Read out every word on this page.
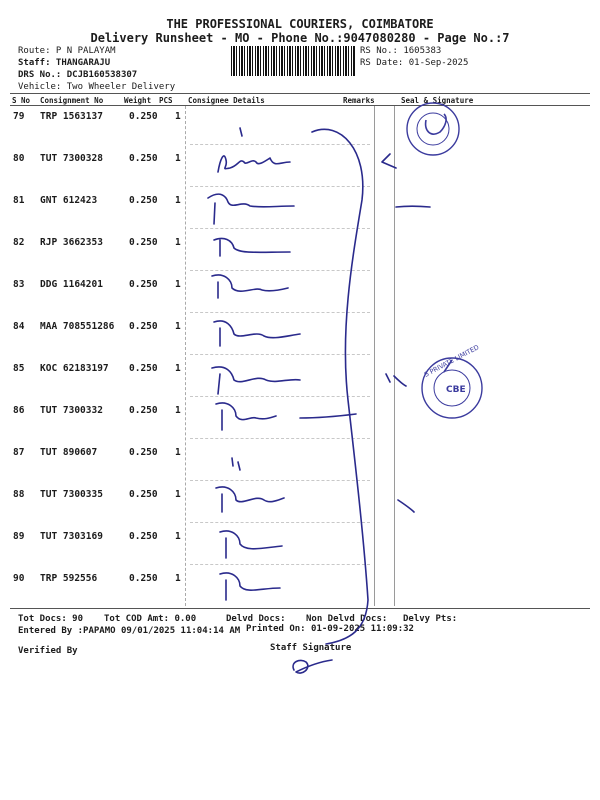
THE PROFESSIONAL COURIERS, COIMBATORE
Delivery Runsheet - MO - Phone No.:9047080280 - Page No.:7
Route: P N PALAYAM
Staff: THANGARAJU
DRS No.: DCJB160538307
Vehicle: Two Wheeler Delivery
RS No.: 1605383
RS Date: 01-Sep-2025
S No Consignment No	Weight PCS Consignee Details	Remarks	Seal & Signature
79 TRP 1563137	0.250 1
80 TUT 7300328	0.250 1
81 GNT 612423	0.250 1
82 RJP 3662353	0.250 1
83 DDG 1164201	0.250 1
84 MAA 708551286 0.250 1
85 KOC 62183197 0.250 1
86 TUT 7300332	0.250 1
87 TUT 890607	0.250 1
88 TUT 7300335	0.250 1
89 TUT 7303169	0.250 1
90 TRP 592556	0.250 1
Tot Docs: 90 Tot COD Amt: 0.00	Delvd Docs: Non Delvd Docs: Delvy Pts:
Entered By :PAPAMO 09/01/2025 11:04:14 AM Printed On: 01-09-2025 11:09:32
Verified By	Staff Signature
CBE
S PRIVATE LIMITED
